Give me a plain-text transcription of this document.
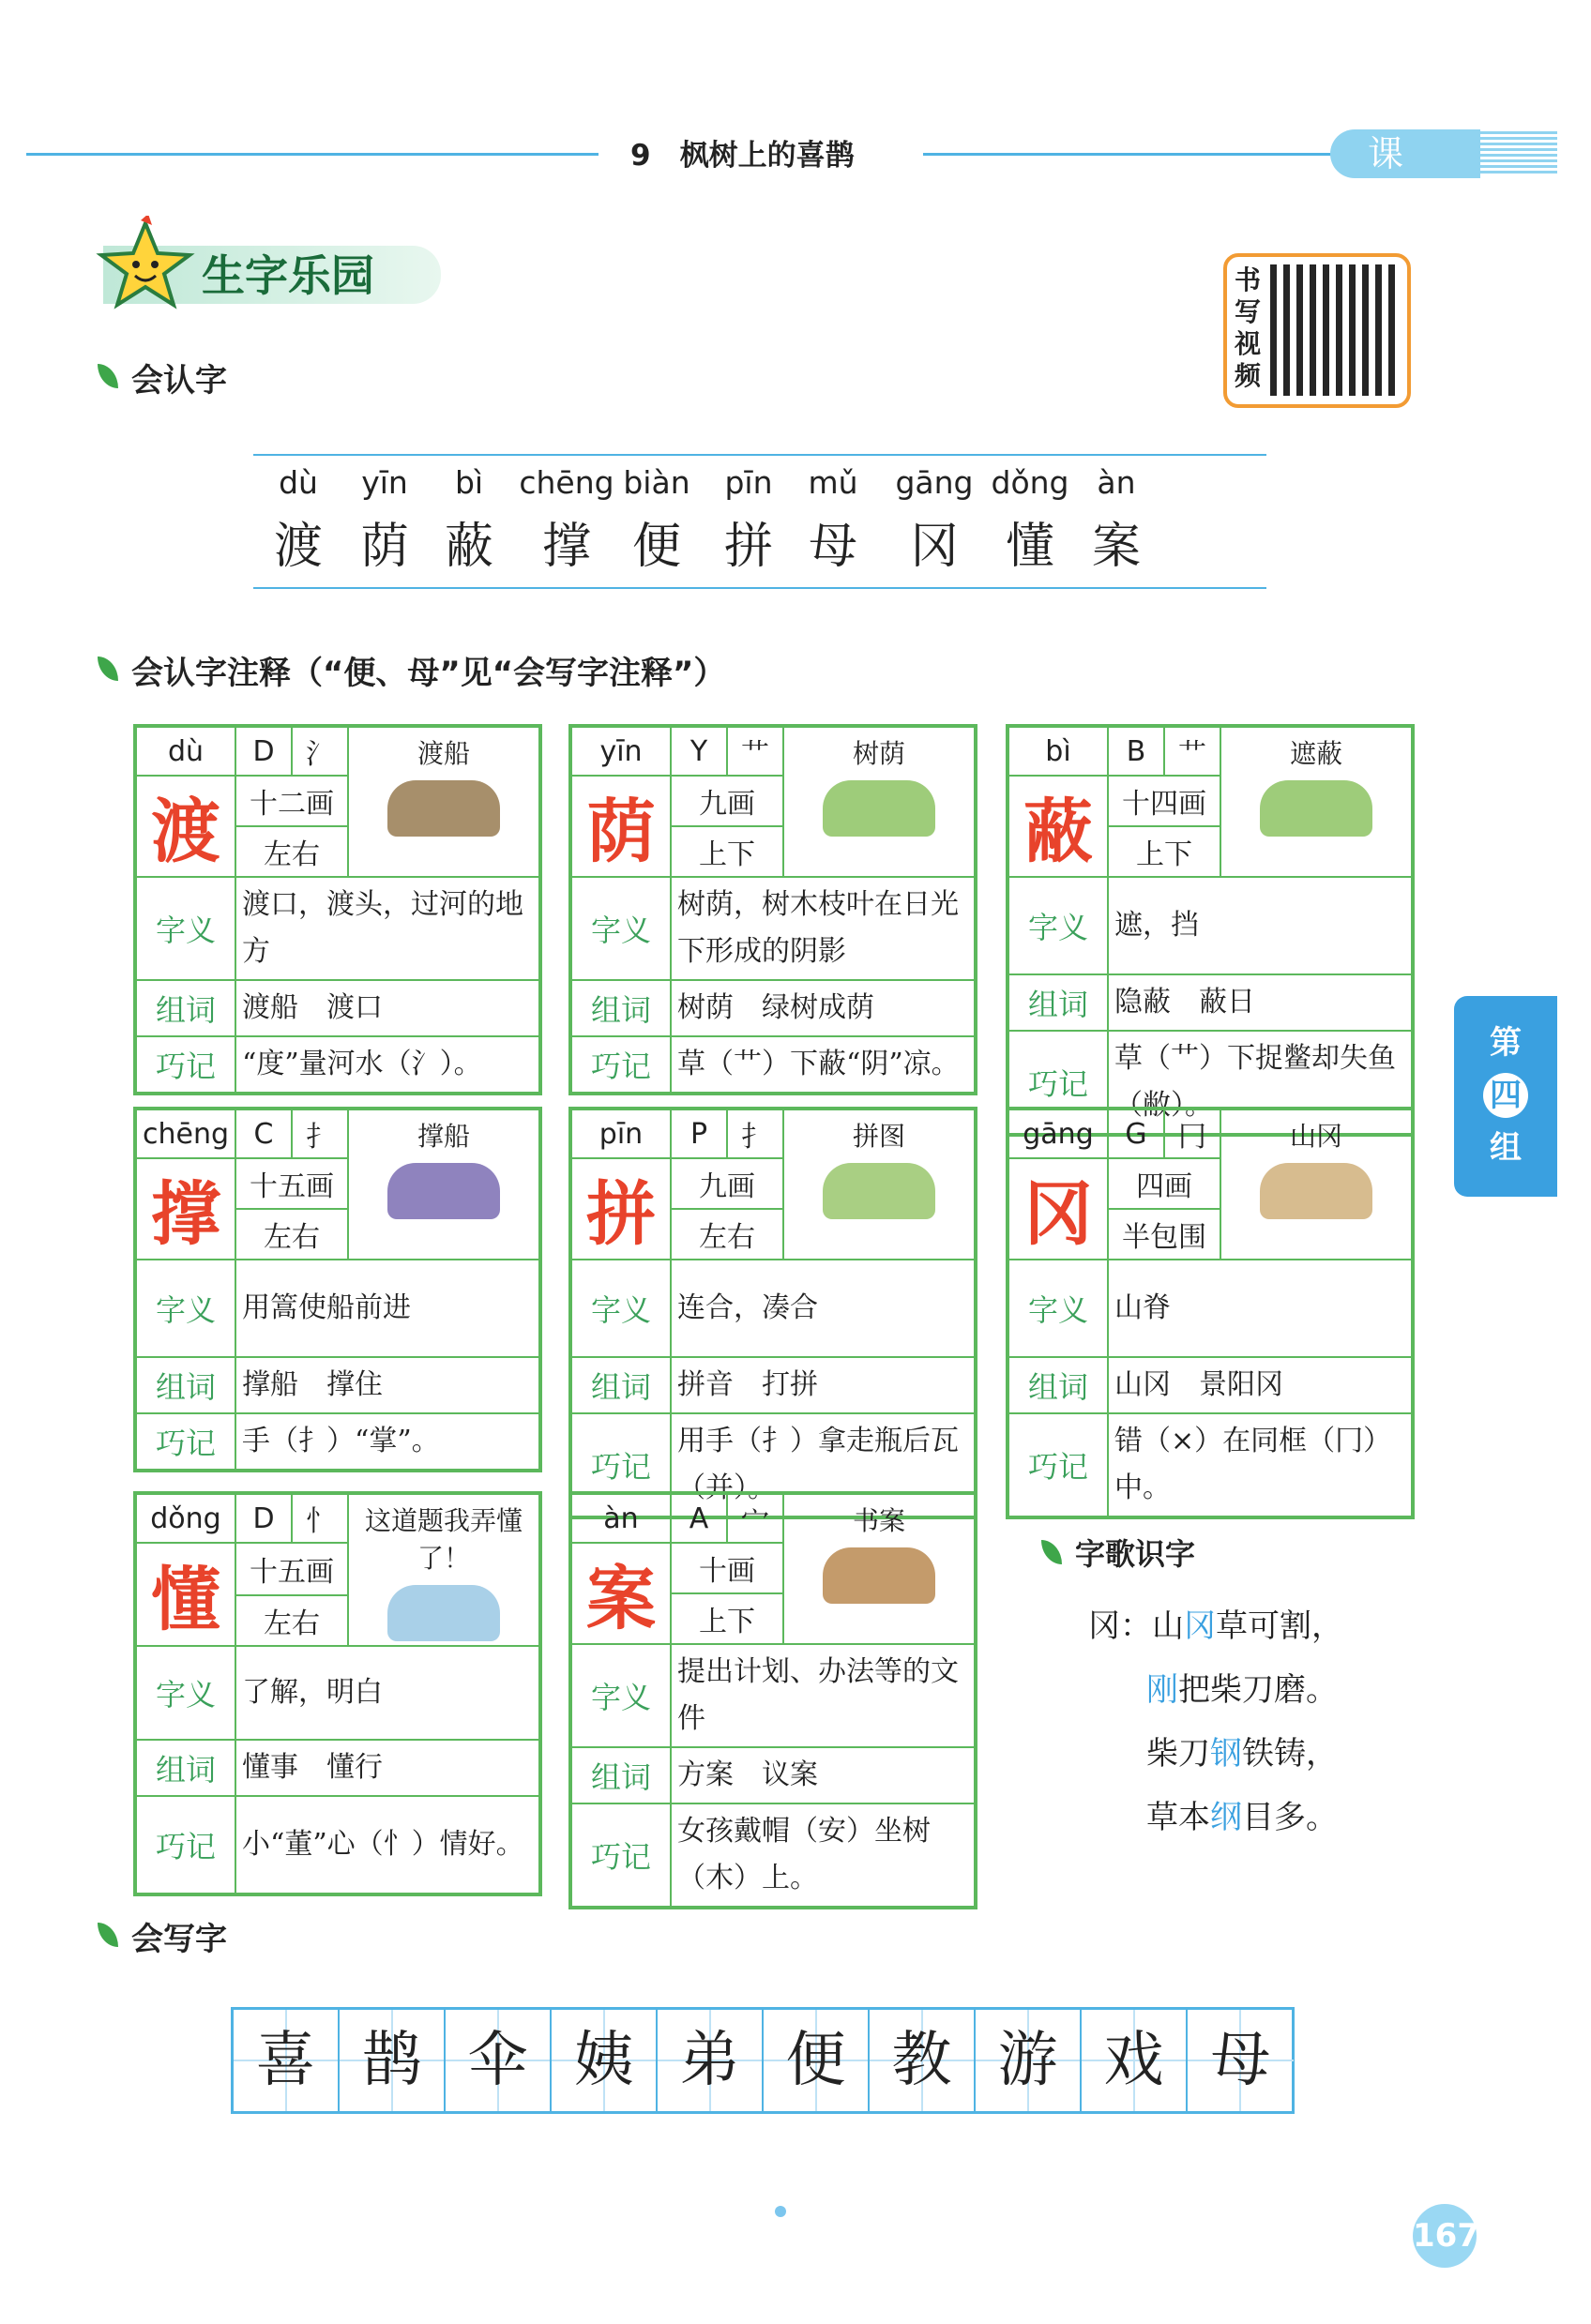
9　 枫树上的喜鹊	课 文
生字乐园	书写视频
会认字
dù
渡
yīn
荫
bì
蔽
chēng
撑
biàn
便
pīn
拼
mǔ
母
gāng
冈
dǒng
懂
àn
案
会认字注释（“便、母”见“会写字注释”）
dù	D	氵	渡船

渡	十二画		
	左右		
字义	渡口，渡头，过河的地方		
组词	渡船　渡口		
巧记	“度”量河水（氵）。		
yīn	Y	艹	树荫

荫	九画		
	上下		
字义	树荫，树木枝叶在日光下形成的阴影		
组词	树荫　绿树成荫		
巧记	草（艹）下蔽“阴”凉。		
bì	B	艹	遮蔽

蔽	十四画		
	上下		
字义	遮，挡		
组词	隐蔽　蔽日		
巧记	草（艹）下捉鳖却失鱼（敝）。		
chēng	C	扌	撑船

撑	十五画		
	左右		
字义	用篙使船前进		
组词	撑船　撑住		
巧记	手（扌）“掌”。		
pīn	P	扌	拼图

拼	九画		
	左右		
字义	连合，凑合		
组词	拼音　打拼		
巧记	用手（扌）拿走瓶后瓦（并）。		
gāng	G	冂	山冈

冈	四画		
	半包围		
字义	山脊		
组词	山冈　景阳冈		
巧记	错（×）在同框（冂）中。		
dǒng	D	忄	这道题我弄懂了！

懂	十五画		
	左右		
字义	了解，明白		
组词	懂事　懂行		
巧记	小“董”心（忄）情好。		
àn	A	宀	书案

案	十画		
	上下		
字义	提出计划、办法等的文件		
组词	方案　议案		
巧记	女孩戴帽（安）坐树（木）上。		
字歌识字
冈：山冈草可割，
刚把柴刀磨。
柴刀钢铁铸，
草本纲目多。
第
四
组
会写字
喜 鹊 伞 姨 弟 便 教 游 戏 母
167
